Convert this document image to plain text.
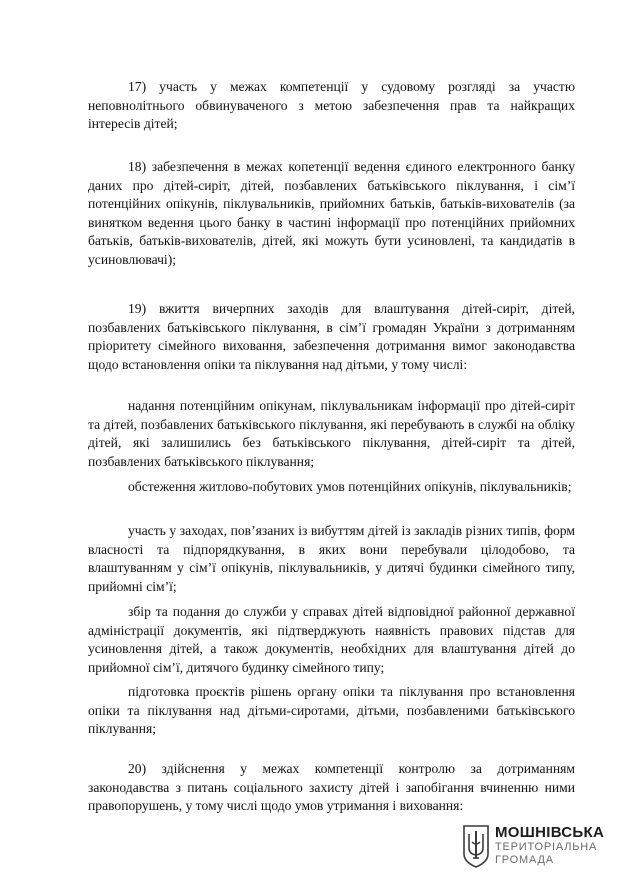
17) участь у межах компетенції у судовому розгляді за участю неповнолітнього обвинуваченого з метою забезпечення прав та найкращих інтересів дітей;

18) забезпечення в межах копетенції ведення єдиного електронного банку даних про дітей-сиріт, дітей, позбавлених батьківського піклування, і сім’ї потенційних опікунів, піклувальників, прийомних батьків, батьків-вихователів (за винятком ведення цього банку в частині інформації про потенційних прийомних батьків, батьків-вихователів, дітей, які можуть бути усиновлені, та кандидатів в усиновлювачі);

19) вжиття вичерпних заходів для влаштування дітей-сиріт, дітей, позбавлених батьківського піклування, в сім’ї громадян України з дотриманням пріоритету сімейного виховання, забезпечення дотримання вимог законодавства щодо встановлення опіки та піклування над дітьми, у тому числі:

надання потенційним опікунам, піклувальникам інформації про дітей-сиріт та дітей, позбавлених батьківського піклування, які перебувають в службі на обліку дітей, які залишились без батьківського піклування, дітей-сиріт та дітей, позбавлених батьківського піклування;

обстеження житлово-побутових умов потенційних опікунів, піклувальників;

участь у заходах, пов’язаних із вибуттям дітей із закладів різних типів, форм власності та підпорядкування, в яких вони перебували цілодобово, та влаштуванням у сім’ї опікунів, піклувальників, у дитячі будинки сімейного типу, прийомні сім’ї;

збір та подання до служби у справах дітей відповідної районної державної адміністрації документів, які підтверджують наявність правових підстав для усиновлення дітей, а також документів, необхідних для влаштування дітей до прийомної сім’ї, дитячого будинку сімейного типу;

підготовка проєктів рішень органу опіки та піклування про встановлення опіки та піклування над дітьми-сиротами, дітьми, позбавленими батьківського піклування;

20) здійснення у межах компетенції контролю за дотриманням законодавства з питань соціального захисту дітей і запобігання вчиненню ними правопорушень, у тому числі щодо умов утримання і виховання:

МОШНІВСЬКА
ТЕРИТОРІАЛЬНА
ГРОМАДА
